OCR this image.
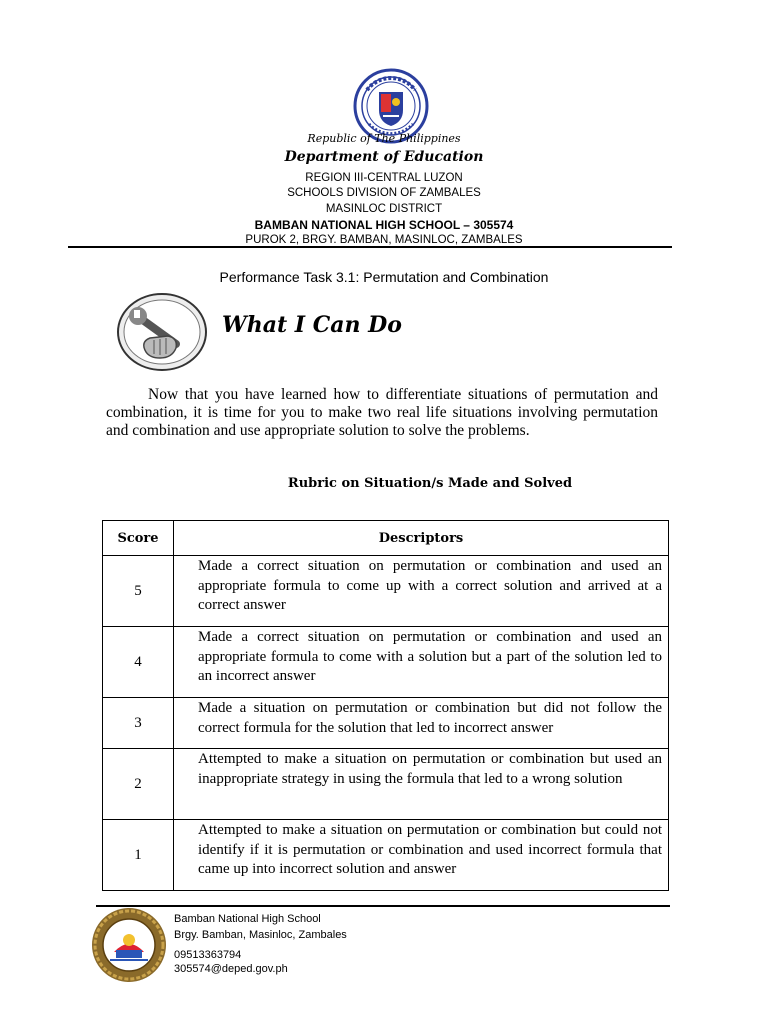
Republic of The Philippines
Department of Education
REGION III-CENTRAL LUZON
SCHOOLS DIVISION OF ZAMBALES
MASINLOC DISTRICT
BAMBAN NATIONAL HIGH SCHOOL – 305574
PUROK 2, BRGY. BAMBAN, MASINLOC, ZAMBALES
Performance Task 3.1: Permutation and Combination
What I Can Do

Now that you have learned how to differentiate situations of permutation and combination, it is time for you to make two real life situations involving permutation and combination and use appropriate solution to solve the problems.

Rubric on Situation/s Made and Solved
Score	Descriptors
5	Made a correct situation on permutation or combination and used an appropriate formula to come up with a correct solution and arrived at a correct answer
4	Made a correct situation on permutation or combination and used an appropriate formula to come with a solution but a part of the solution led to an incorrect answer
3	Made a situation on permutation or combination but did not follow the correct formula for the solution that led to incorrect answer
2	Attempted to make a situation on permutation or combination but used an inappropriate strategy in using the formula that led to a wrong solution
1	Attempted to make a situation on permutation or combination but could not identify if it is permutation or combination and used incorrect formula that came up into incorrect solution and answer
Bamban National High School
Brgy. Bamban, Masinloc, Zambales
09513363794
305574@deped.gov.ph
